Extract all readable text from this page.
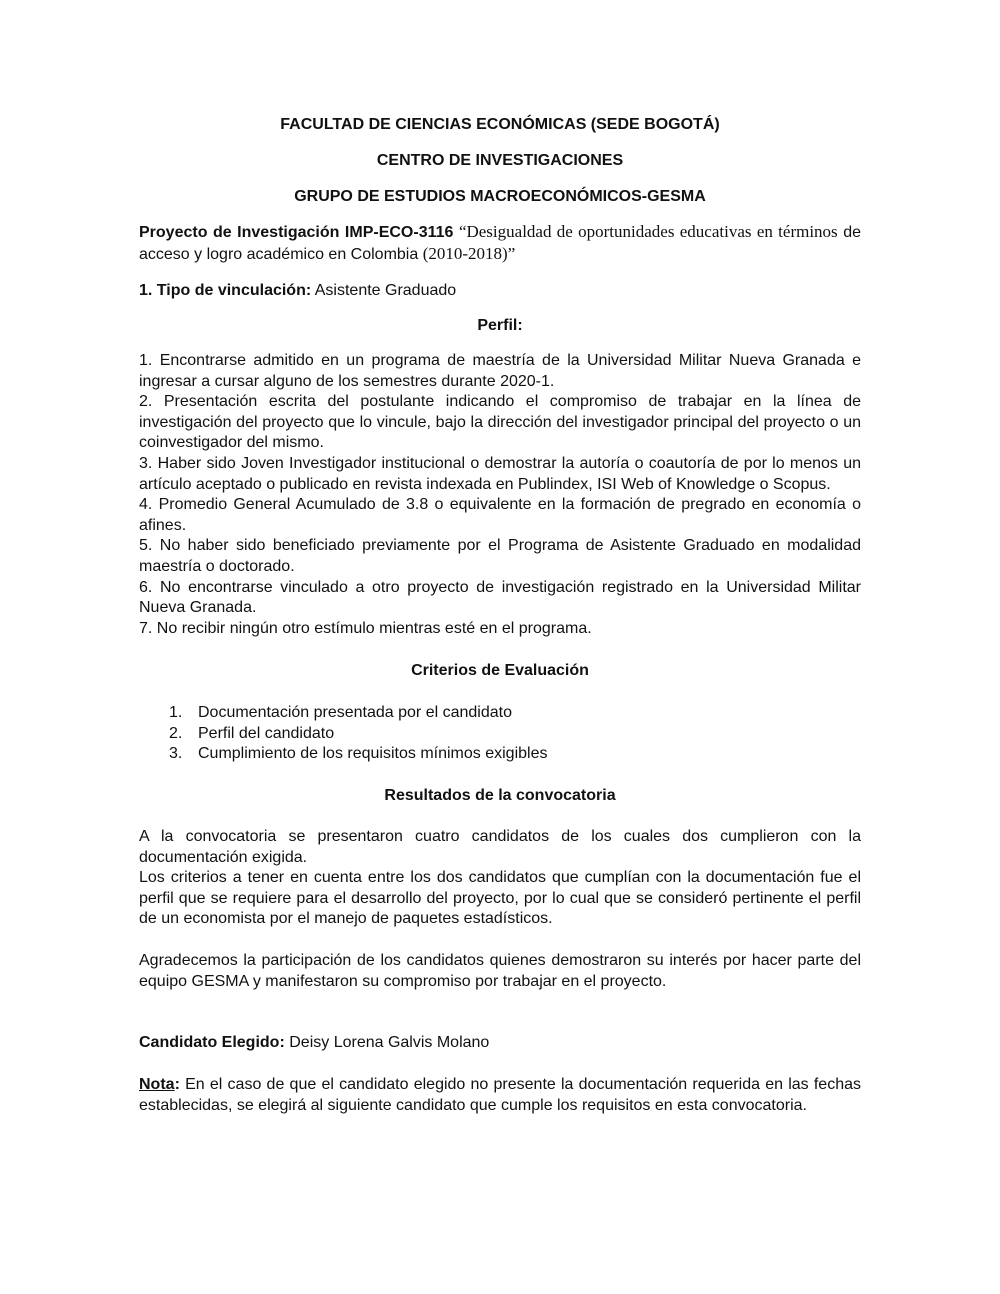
FACULTAD DE CIENCIAS ECONÓMICAS (SEDE BOGOTÁ)

CENTRO DE INVESTIGACIONES

GRUPO DE ESTUDIOS MACROECONÓMICOS-GESMA

Proyecto de Investigación IMP-ECO-3116 “Desigualdad de oportunidades educativas en términos de acceso y logro académico en Colombia (2010-2018)”

1. Tipo de vinculación: Asistente Graduado

Perfil:

1. Encontrarse admitido en un programa de maestría de la Universidad Militar Nueva Granada e ingresar a cursar alguno de los semestres durante 2020-1.
2. Presentación escrita del postulante indicando el compromiso de trabajar en la línea de investigación del proyecto que lo vincule, bajo la dirección del investigador principal del proyecto o un coinvestigador del mismo.
3. Haber sido Joven Investigador institucional o demostrar la autoría o coautoría de por lo menos un artículo aceptado o publicado en revista indexada en Publindex, ISI Web of Knowledge o Scopus.
4. Promedio General Acumulado de 3.8 o equivalente en la formación de pregrado en economía o afines.
5. No haber sido beneficiado previamente por el Programa de Asistente Graduado en modalidad maestría o doctorado.
6. No encontrarse vinculado a otro proyecto de investigación registrado en la Universidad Militar Nueva Granada.
7. No recibir ningún otro estímulo mientras esté en el programa.

Criterios de Evaluación

1. Documentación presentada por el candidato
2. Perfil del candidato
3. Cumplimiento de los requisitos mínimos exigibles

Resultados de la convocatoria

A la convocatoria se presentaron cuatro candidatos de los cuales dos cumplieron con la documentación exigida.

Los criterios a tener en cuenta entre los dos candidatos que cumplían con la documentación fue el perfil que se requiere para el desarrollo del proyecto, por lo cual que se consideró pertinente el perfil de un economista por el manejo de paquetes estadísticos.

Agradecemos la participación de los candidatos quienes demostraron su interés por hacer parte del equipo GESMA y manifestaron su compromiso por trabajar en el proyecto.

Candidato Elegido: Deisy Lorena Galvis Molano

Nota: En el caso de que el candidato elegido no presente la documentación requerida en las fechas establecidas, se elegirá al siguiente candidato que cumple los requisitos en esta convocatoria.
